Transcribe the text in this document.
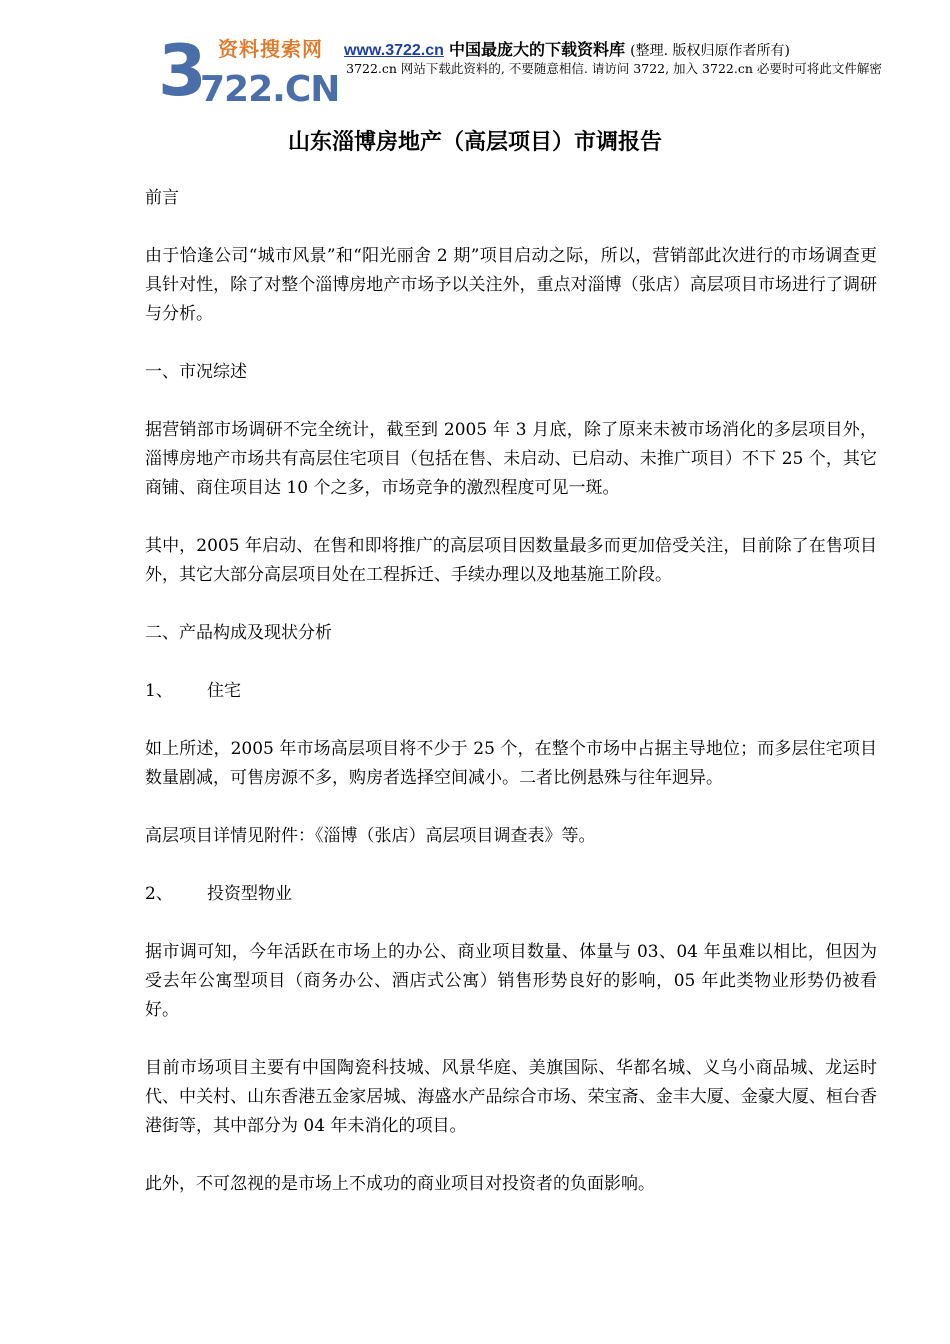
3
722.CN
资料搜索网 www.3722.cn 中国最庞大的下载资料库 (整理. 版权归原作者所有)
3722.cn 网站下载此资料的, 不要随意相信. 请访问 3722, 加入 3722.cn 必要时可将此文件解密
山东淄博房地产（高层项目）市调报告

前言

由于恰逢公司“城市风景”和“阳光丽舍 2 期”项目启动之际，所以，营销部此次进行的市场调查更具针对性，除了对整个淄博房地产市场予以关注外，重点对淄博（张店）高层项目市场进行了调研与分析。

一、市况综述

据营销部市场调研不完全统计，截至到 2005 年 3 月底，除了原来未被市场消化的多层项目外，淄博房地产市场共有高层住宅项目（包括在售、未启动、已启动、未推广项目）不下 25 个，其它商铺、商住项目达 10 个之多，市场竞争的激烈程度可见一斑。

其中，2005 年启动、在售和即将推广的高层项目因数量最多而更加倍受关注，目前除了在售项目外，其它大部分高层项目处在工程拆迁、手续办理以及地基施工阶段。

二、产品构成及现状分析

1、 住宅

如上所述，2005 年市场高层项目将不少于 25 个，在整个市场中占据主导地位；而多层住宅项目数量剧减，可售房源不多，购房者选择空间减小。二者比例悬殊与往年迥异。

高层项目详情见附件：《淄博（张店）高层项目调查表》等。

2、 投资型物业

据市调可知，今年活跃在市场上的办公、商业项目数量、体量与 03、04 年虽难以相比，但因为受去年公寓型项目（商务办公、酒店式公寓）销售形势良好的影响，05 年此类物业形势仍被看好。

目前市场项目主要有中国陶瓷科技城、风景华庭、美旗国际、华都名城、义乌小商品城、龙运时代、中关村、山东香港五金家居城、海盛水产品综合市场、荣宝斋、金丰大厦、金豪大厦、桓台香港街等，其中部分为 04 年未消化的项目。

此外，不可忽视的是市场上不成功的商业项目对投资者的负面影响。
